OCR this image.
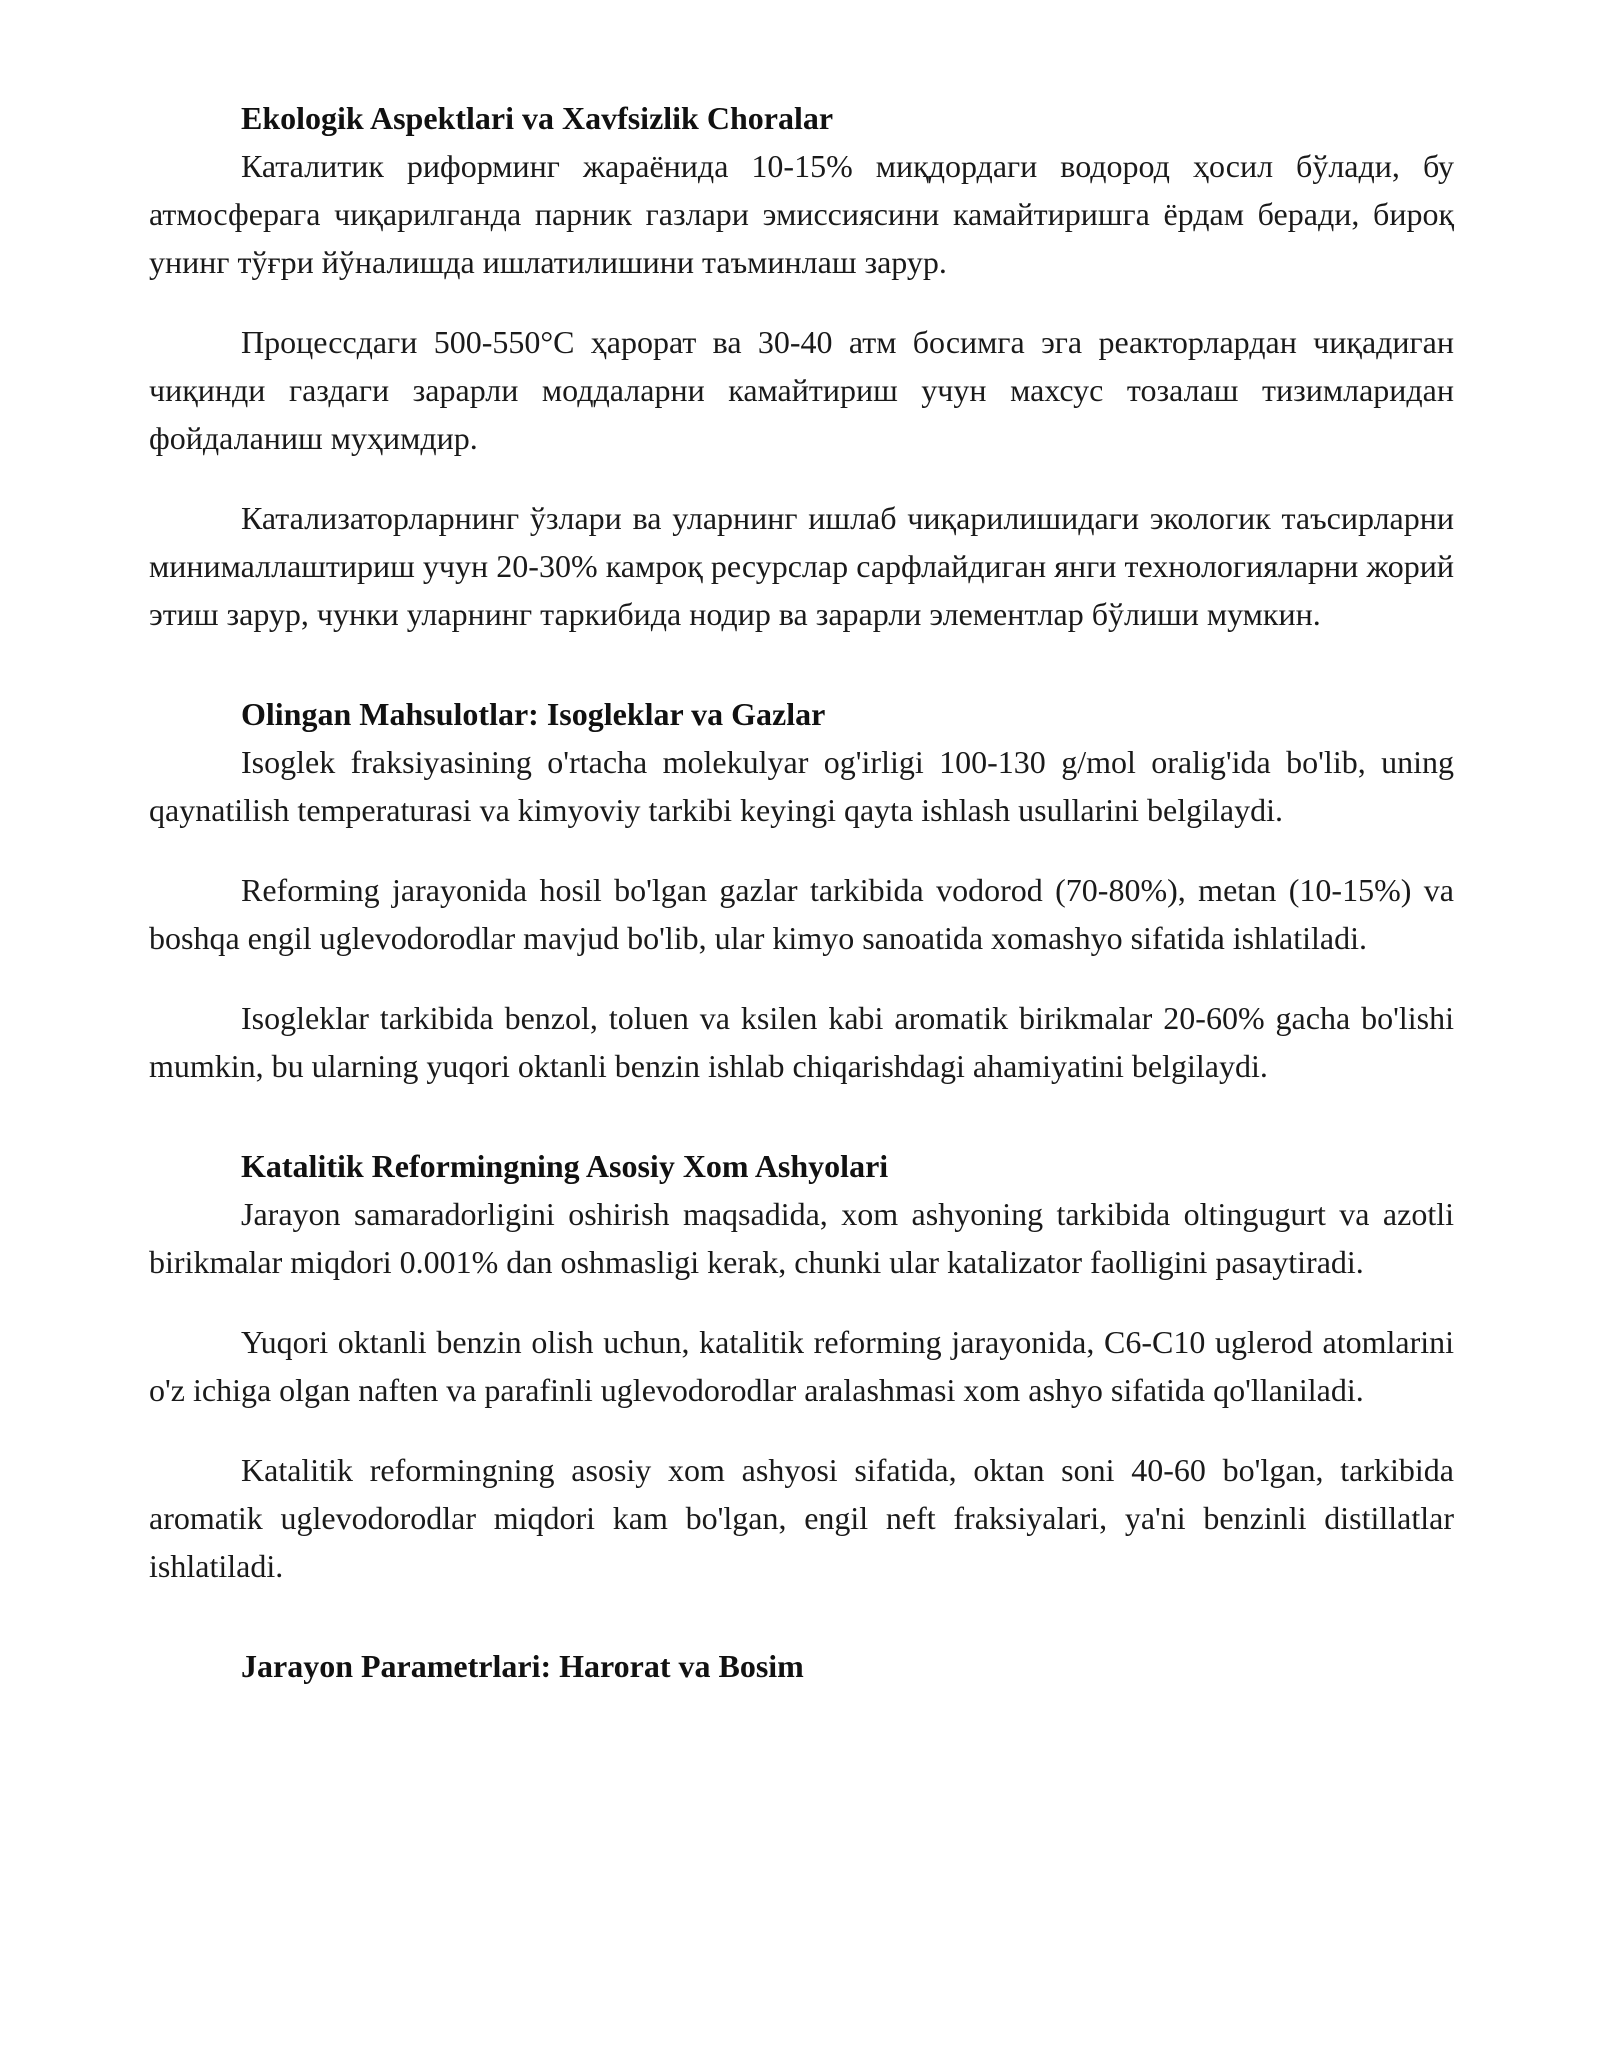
Ekologik Aspektlari va Xavfsizlik Choralar

Каталитик риформинг жараёнида 10-15% миқдордаги водород ҳосил бўлади, бу атмосферага чиқарилганда парник газлари эмиссиясини камайтиришга ёрдам беради, бироқ унинг тўғри йўналишда ишлатилишини таъминлаш зарур.

Процессдаги 500-550°C ҳарорат ва 30-40 атм босимга эга реакторлардан чиқадиган чиқинди газдаги зарарли моддаларни камайтириш учун махсус тозалаш тизимларидан фойдаланиш муҳимдир.

Катализаторларнинг ўзлари ва уларнинг ишлаб чиқарилишидаги экологик таъсирларни минималлаштириш учун 20-30% камроқ ресурслар сарфлайдиган янги технологияларни жорий этиш зарур, чунки уларнинг таркибида нодир ва зарарли элементлар бўлиши мумкин.

Olingan Mahsulotlar: Isogleklar va Gazlar

Isoglek fraksiyasining o'rtacha molekulyar og'irligi 100-130 g/mol oralig'ida bo'lib, uning qaynatilish temperaturasi va kimyoviy tarkibi keyingi qayta ishlash usullarini belgilaydi.

Reforming jarayonida hosil bo'lgan gazlar tarkibida vodorod (70-80%), metan (10-15%) va boshqa engil uglevodorodlar mavjud bo'lib, ular kimyo sanoatida xomashyo sifatida ishlatiladi.

Isogleklar tarkibida benzol, toluen va ksilen kabi aromatik birikmalar 20-60% gacha bo'lishi mumkin, bu ularning yuqori oktanli benzin ishlab chiqarishdagi ahamiyatini belgilaydi.

Katalitik Reformingning Asosiy Xom Ashyolari

Jarayon samaradorligini oshirish maqsadida, xom ashyoning tarkibida oltingugurt va azotli birikmalar miqdori 0.001% dan oshmasligi kerak, chunki ular katalizator faolligini pasaytiradi.

Yuqori oktanli benzin olish uchun, katalitik reforming jarayonida, C6-C10 uglerod atomlarini o'z ichiga olgan naften va parafinli uglevodorodlar aralashmasi xom ashyo sifatida qo'llaniladi.

Katalitik reformingning asosiy xom ashyosi sifatida, oktan soni 40-60 bo'lgan, tarkibida aromatik uglevodorodlar miqdori kam bo'lgan, engil neft fraksiyalari, ya'ni benzinli distillatlar ishlatiladi.

Jarayon Parametrlari: Harorat va Bosim
